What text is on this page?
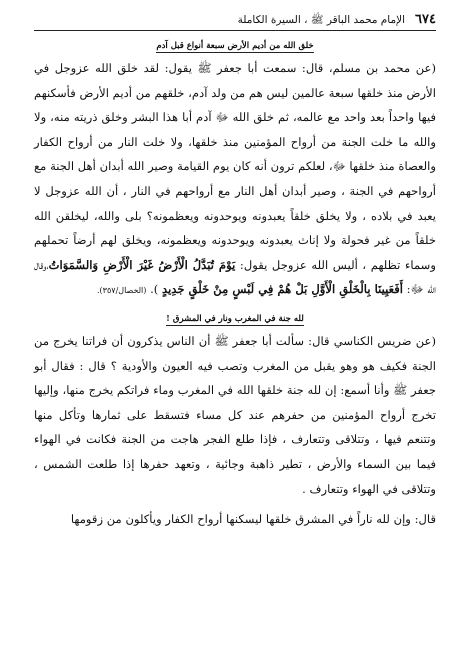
٦٧٤
الإمام محمد الباقر ﷺ ، السيرة الكاملة
خلق الله من أديم الأرض سبعة أنواع قبل آدم

(عن محمد بن مسلم، قال: سمعت أبا جعفر ﷺ يقول: لقد خلق الله عزوجل في الأرض منذ خلقها سبعة عالمين ليس هم من ولد آدم، خلقهم من أديم الأرض فأسكنهم فيها واحداً بعد واحد مع عالمه، ثم خلق الله ﷻ آدم أبا هذا البشر وخلق ذريته منه، ولا والله ما خلت الجنة من أرواح المؤمنين منذ خلقها، ولا خلت النار من أرواح الكفار والعصاة منذ خلقها ﷻ، لعلكم ترون أنه كان يوم القيامة وصير الله أبدان أهل الجنة مع أرواحهم في الجنة ، وصير أبدان أهل النار مع أرواحهم في النار ، أن الله عزوجل لا يعبد في بلاده ، ولا يخلق خلقاً يعبدونه ويوحدونه ويعظمونه؟ بلى والله، ليخلقن الله خلقاً من غير فحولة ولا إناث يعبدونه ويوحدونه ويعظمونه، ويخلق لهم أرضاً تحملهم وسماء تظلهم ، أليس الله عزوجل يقول: يَوْمَ تُبَدَّلُ الْأَرْضُ غَيْرَ الْأَرْضِ وَالسَّمَوَاتُ،وقال الله ﷻ: أَفَعَيِينَا بِالْخَلْقِ الْأَوَّلِ بَلْ هُمْ فِي لَبْسٍ مِنْ خَلْقٍ جَدِيدٍ ). (الخصال/٣٥٧).

لله جنة في المغرب ونار في المشرق !

(عن ضريس الكناسي قال: سألت أبا جعفر ﷺ أن الناس يذكرون أن فراتنا يخرج من الجنة فكيف هو وهو يقبل من المغرب وتصب فيه العيون والأودية ؟ قال : فقال أبو جعفر ﷺ وأنا أسمع: إن لله جنة خلقها الله في المغرب وماء فراتكم يخرج منها، وإليها تخرج أرواح المؤمنين من حفرهم عند كل مساء فتسقط على ثمارها وتأكل منها وتتنعم فيها ، وتتلاقى وتتعارف ، فإذا طلع الفجر هاجت من الجنة فكانت في الهواء فيما بين السماء والأرض ، تطير ذاهبة وجائية ، وتعهد حفرها إذا طلعت الشمس ، وتتلاقى في الهواء وتتعارف .

قال: وإن لله ناراً في المشرق خلقها ليسكنها أرواح الكفار ويأكلون من زقومها
